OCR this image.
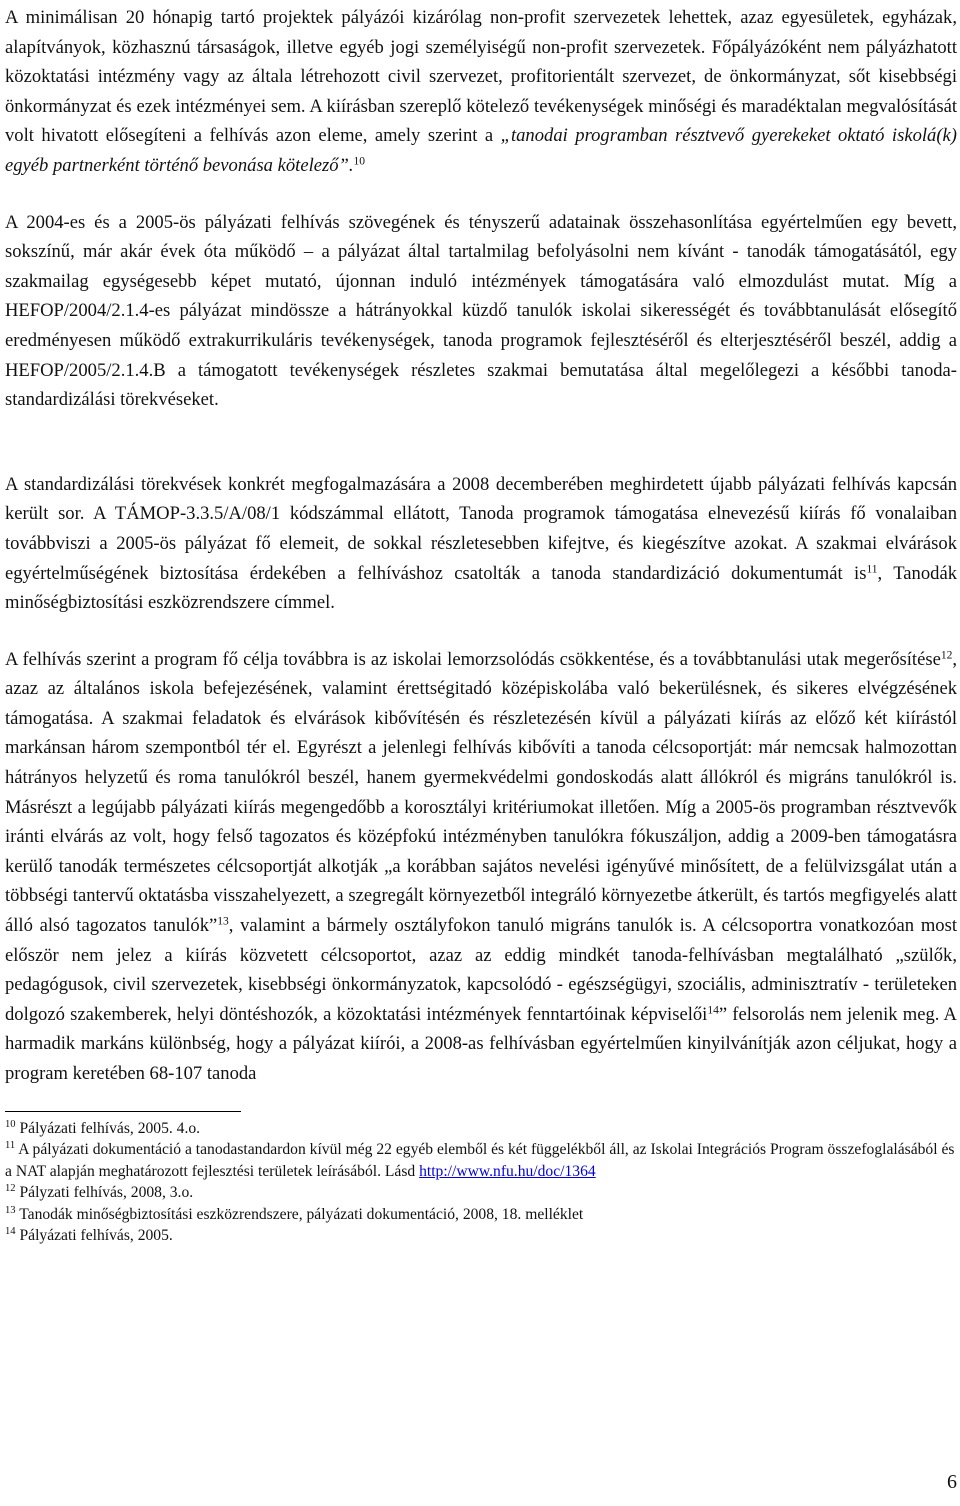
A minimálisan 20 hónapig tartó projektek pályázói kizárólag non-profit szervezetek lehettek, azaz egyesületek, egyházak, alapítványok, közhasznú társaságok, illetve egyéb jogi személyiségű non-profit szervezetek. Főpályázóként nem pályázhatott közoktatási intézmény vagy az általa létrehozott civil szervezet, profitorientált szervezet, de önkormányzat, sőt kisebbségi önkormányzat és ezek intézményei sem. A kiírásban szereplő kötelező tevékenységek minőségi és maradéktalan megvalósítását volt hivatott elősegíteni a felhívás azon eleme, amely szerint a „tanodai programban résztvevő gyerekeket oktató iskolá(k) egyéb partnerként történő bevonása kötelező”.$^{10}$

A 2004-es és a 2005-ös pályázati felhívás szövegének és tényszerű adatainak összehasonlítása egyértelműen egy bevett, sokszínű, már akár évek óta működő – a pályázat által tartalmilag befolyásolni nem kívánt - tanodák támogatásától, egy szakmailag egységesebb képet mutató, újonnan induló intézmények támogatására való elmozdulást mutat. Míg a HEFOP/2004/2.1.4-es pályázat mindössze a hátrányokkal küzdő tanulók iskolai sikerességét és továbbtanulását elősegítő eredményesen működő extrakurrikuláris tevékenységek, tanoda programok fejlesztéséről és elterjesztéséről beszél, addig a HEFOP/2005/2.1.4.B a támogatott tevékenységek részletes szakmai bemutatása által megelőlegezi a későbbi tanoda-standardizálási törekvéseket.

A standardizálási törekvések konkrét megfogalmazására a 2008 decemberében meghirdetett újabb pályázati felhívás kapcsán került sor. A TÁMOP-3.3.5/A/08/1 kódszámmal ellátott, Tanoda programok támogatása elnevezésű kiírás fő vonalaiban továbbviszi a 2005-ös pályázat fő elemeit, de sokkal részletesebben kifejtve, és kiegészítve azokat. A szakmai elvárások egyértelműségének biztosítása érdekében a felhíváshoz csatolták a tanoda standardizáció dokumentumát $is^{11}$, Tanodák minőségbiztosítási eszközrendszere címmel.

A felhívás szerint a program fő célja továbbra is az iskolai lemorzsolódás csökkentése, és a továbbtanulási utak megerősítése$^{12}$, azaz az általános iskola befejezésének, valamint érettségitadó középiskolába való bekerülésnek, és sikeres elvégzésének támogatása. A szakmai feladatok és elvárások kibővítésén és részletezésén kívül a pályázati kiírás az előző két kiírástól markánsan három szempontból tér el. Egyrészt a jelenlegi felhívás kibővíti a tanoda célcsoportját: már nemcsak halmozottan hátrányos helyzetű és roma tanulókról beszél, hanem gyermekvédelmi gondoskodás alatt állókról és migráns tanulókról is. Másrészt a legújabb pályázati kiírás megengedőbb a korosztályi kritériumokat illetően. Míg a 2005-ös programban résztvevők iránti elvárás az volt, hogy felső tagozatos és középfokú intézményben tanulókra fókuszáljon, addig a 2009-ben támogatásra kerülő tanodák természetes célcsoportját alkotják „a korábban sajátos nevelési igényűvé minősített, de a felülvizsgálat után a többségi tantervű oktatásba visszahelyezett, a szegregált környezetből integráló környezetbe átkerült, és tartós megfigyelés alatt álló alsó tagozatos tanulók”$^{13}$, valamint a bármely osztályfokon tanuló migráns tanulók is. A célcsoportra vonatkozóan most először nem jelez a kiírás közvetett célcsoportot, azaz az eddig mindkét tanoda-felhívásban megtalálható „szülők, pedagógusok, civil szervezetek, kisebbségi önkormányzatok, kapcsolódó - egészségügyi, szociális, adminisztratív - területeken dolgozó szakemberek, helyi döntéshozók, a közoktatási intézmények fenntartóinak képviselői$^{14}$” felsorolás nem jelenik meg. A harmadik markáns különbség, hogy a pályázat kiírói, a 2008-as felhívásban egyértelműen kinyilvánítják azon céljukat, hogy a program keretében 68-107 tanoda

$^{10}$ Pályázati felhívás, 2005. 4.o.

$^{11}$ A pályázati dokumentáció a tanodastandardon kívül még 22 egyéb elemből és két függelékből áll, az Iskolai Integrációs Program összefoglalásából és a NAT alapján meghatározott fejlesztési területek leírásából. Lásd http://www.nfu.hu/doc/1364

$^{12}$ Pályzati felhívás, 2008, 3.o.

$^{13}$ Tanodák minőségbiztosítási eszközrendszere, pályázati dokumentáció, 2008, 18. melléklet

$^{14}$ Pályázati felhívás, 2005.

6
